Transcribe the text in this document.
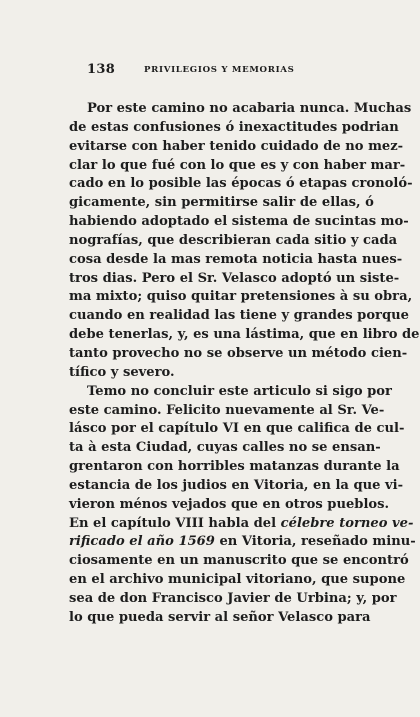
138	PRIVILEGIOS Y MEMORIAS
Por este camino no acabaria nunca. Muchas
de estas confusiones ó inexactitudes podrian
evitarse con haber tenido cuidado de no mez-
clar lo que fué con lo que es y con haber mar-
cado en lo posible las épocas ó etapas cronoló-
gicamente, sin permitirse salir de ellas, ó
habiendo adoptado el sistema de sucintas mo-
nografías, que describieran cada sitio y cada
cosa desde la mas remota noticia hasta nues-
tros dias. Pero el Sr. Velasco adoptó un siste-
ma mixto; quiso quitar pretensiones à su obra,
cuando en realidad las tiene y grandes porque
debe tenerlas, y, es una lástima, que en libro de
tanto provecho no se observe un método cien-
tífico y severo.
Temo no concluir este articulo si sigo por
este camino. Felicito nuevamente al Sr. Ve-
lásco por el capítulo VI en que califica de cul-
ta à esta Ciudad, cuyas calles no se ensan-
grentaron con horribles matanzas durante la
estancia de los judios en Vitoria, en la que vi-
vieron ménos vejados que en otros pueblos.
En el capítulo VIII habla del célebre torneo ve-
rificado el año 1569 en Vitoria, reseñado minu-
ciosamente en un manuscrito que se encontró
en el archivo municipal vitoriano, que supone
sea de don Francisco Javier de Urbina; y, por
lo que pueda servir al señor Velasco para
